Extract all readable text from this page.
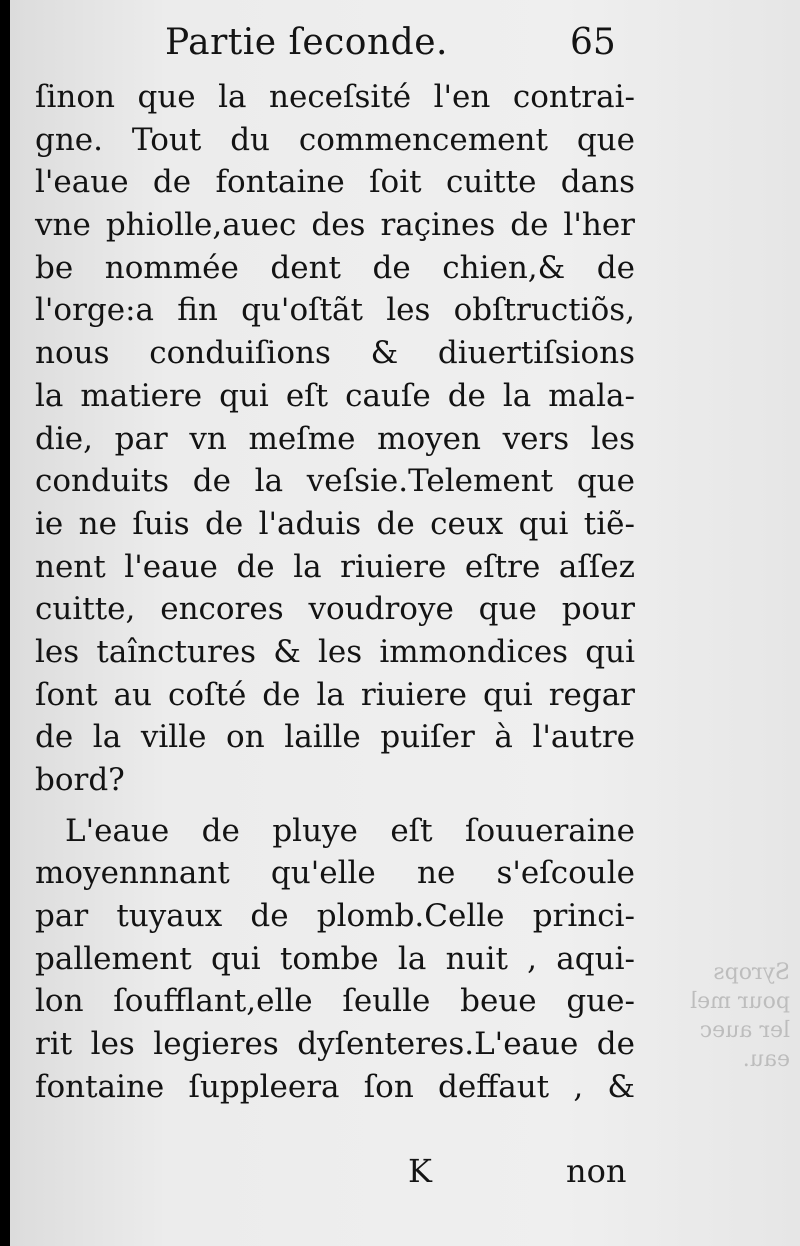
Partie ſeconde.	65
ſinon que la neceſsité l'en contrai-
gne. Tout du commencement que
l'eaue de fontaine ſoit cuitte dans
vne phiolle,auec des raçines de l'her
be nommée dent de chien,& de
l'orge:a fin qu'oſtãt les obſtructiõs,
nous conduiſions & diuertiſsions
la matiere qui eſt cauſe de la mala-
die, par vn meſme moyen vers les
conduits de la veſsie.Telement que
ie ne ſuis de l'aduis de ceux qui tiẽ-
nent l'eaue de la riuiere eſtre aſſez
cuitte, encores voudroye que pour
les taînctures & les immondices qui
ſont au coſté de la riuiere qui regar
de la ville on laille puiſer à l'autre
bord?
L'eaue de pluye eſt ſouueraine
moyennnant qu'elle ne s'eſcoule
par tuyaux de plomb.Celle princi-
pallement qui tombe la nuit , aqui-
lon ſoufflant,elle ſeulle beue gue-
rit les legieres dyſenteres.L'eaue de
fontaine ſuppleera ſon deffaut , &
Syrops
pour mel
ler auec
eau.
K	non
